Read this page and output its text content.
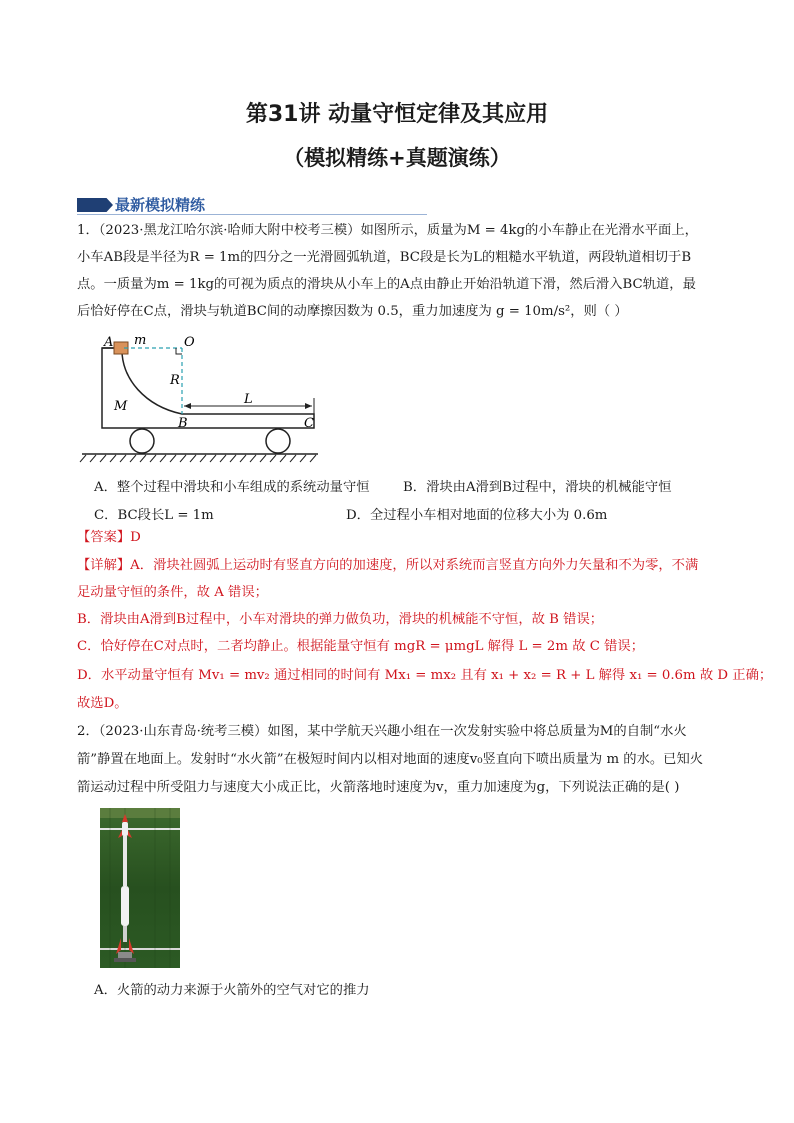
第31讲 动量守恒定律及其应用
（模拟精练+真题演练）
最新模拟精练
1．（2023·黑龙江哈尔滨·哈师大附中校考三模）如图所示，质量为M = 4kg的小车静止在光滑水平面上，
小车AB段是半径为R = 1m的四分之一光滑圆弧轨道，BC段是长为L的粗糙水平轨道，两段轨道相切于B
点。一质量为m = 1kg的可视为质点的滑块从小车上的A点由静止开始沿轨道下滑，然后滑入BC轨道，最
后恰好停在C点，滑块与轨道BC间的动摩擦因数为 0.5，重力加速度为 g = 10m/s²，则（ ）
A m	O
R
M	L
B	C
A．整个过程中滑块和小车组成的系统动量守恒	B．滑块由A滑到B过程中，滑块的机械能守恒
C．BC段长L = 1m	D．全过程小车相对地面的位移大小为 0.6m
【答案】D
【详解】A．滑块社圆弧上运动时有竖直方向的加速度，所以对系统而言竖直方向外力矢量和不为零，不满
足动量守恒的条件，故 A 错误；
B．滑块由A滑到B过程中，小车对滑块的弹力做负功，滑块的机械能不守恒，故 B 错误；
C．恰好停在C对点时，二者均静止。根据能量守恒有 mgR = μmgL 解得 L = 2m 故 C 错误；
D．水平动量守恒有 Mv₁ = mv₂ 通过相同的时间有 Mx₁ = mx₂ 且有 x₁ + x₂ = R + L 解得 x₁ = 0.6m 故 D 正确；
故选D。
2．（2023·山东青岛·统考三模）如图，某中学航天兴趣小组在一次发射实验中将总质量为M的自制“水火
箭”静置在地面上。发射时“水火箭”在极短时间内以相对地面的速度v₀竖直向下喷出质量为 m 的水。已知火
箭运动过程中所受阻力与速度大小成正比，火箭落地时速度为v，重力加速度为g，下列说法正确的是( )
A．火箭的动力来源于火箭外的空气对它的推力
